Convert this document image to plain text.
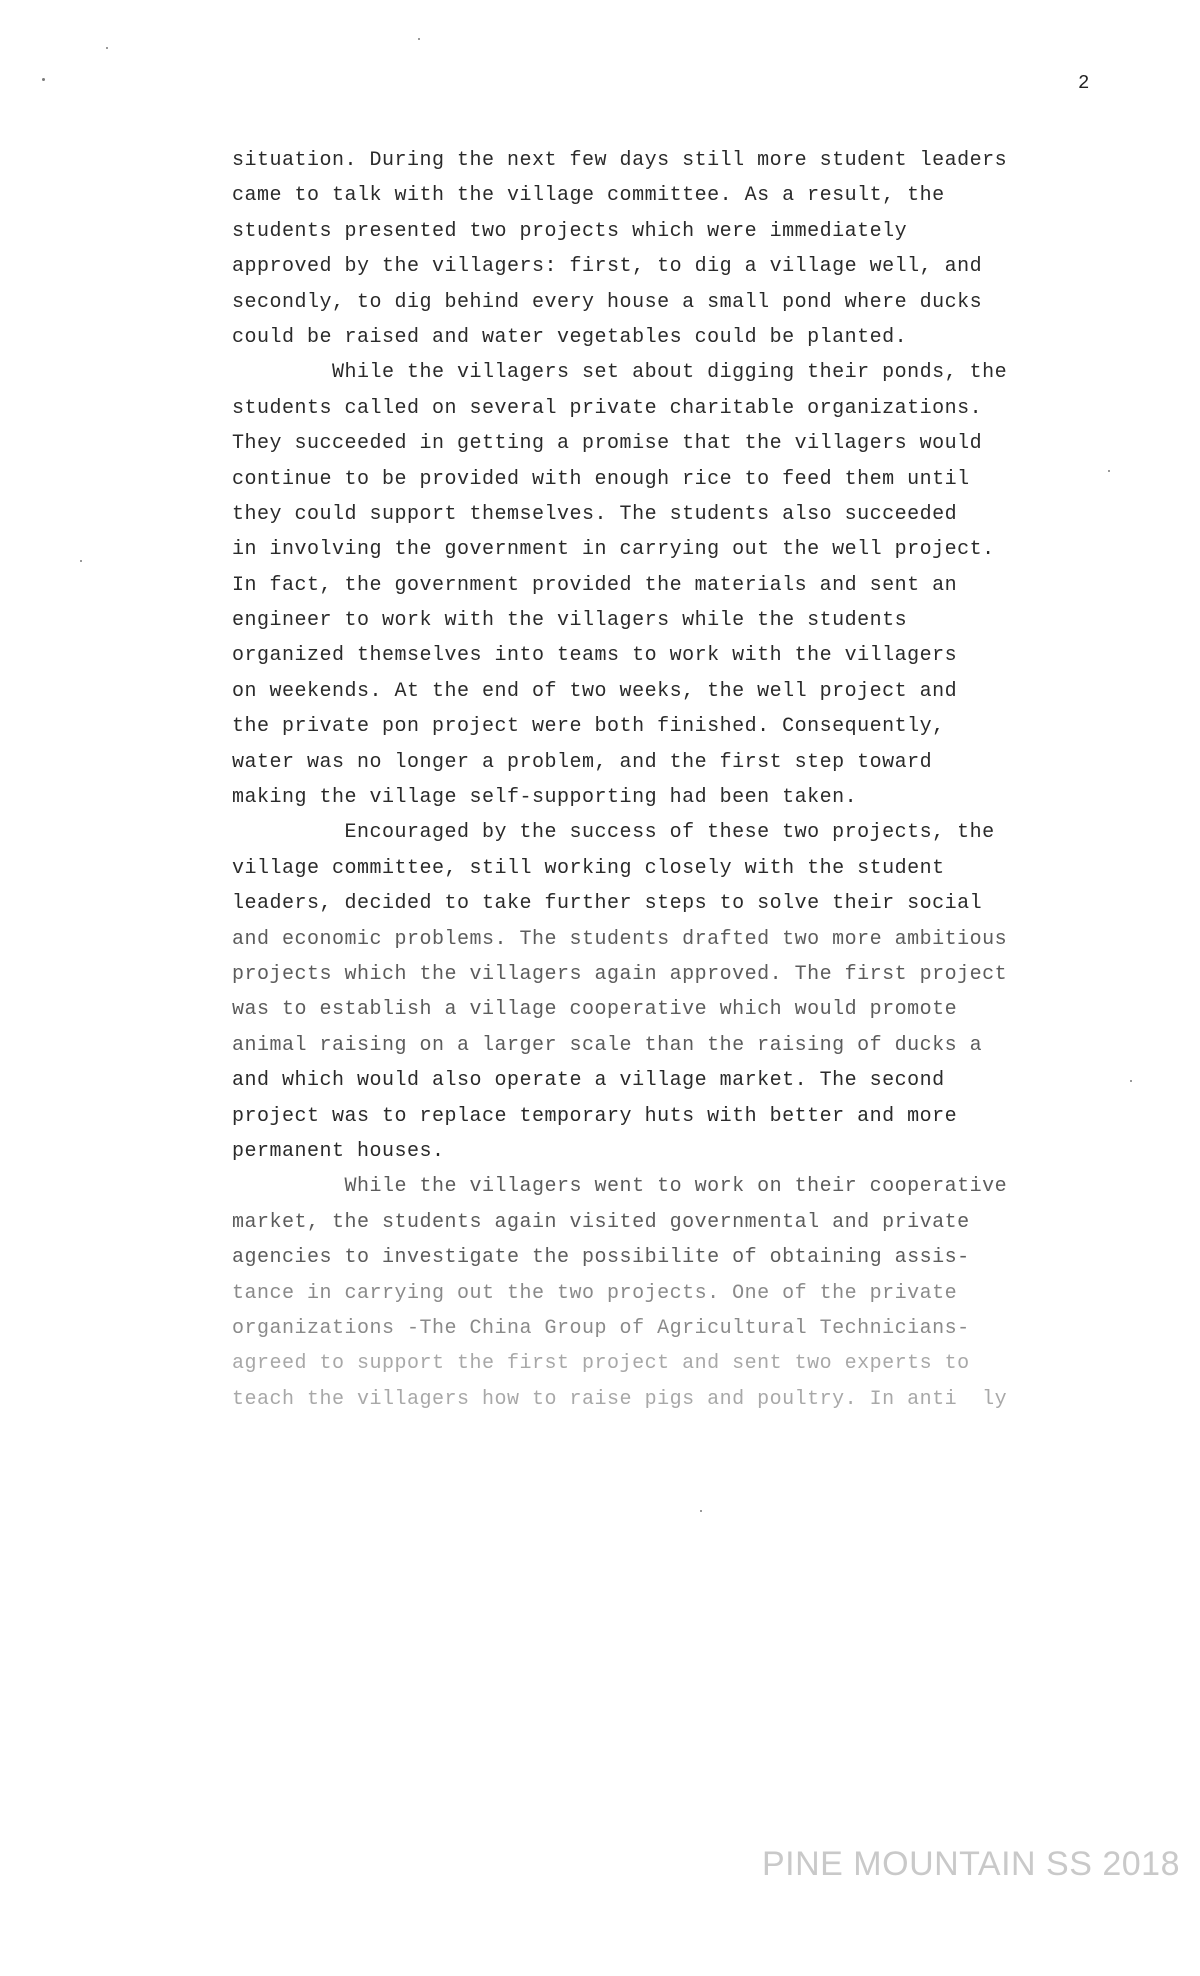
2
situation. During the next few days still more student leaders
came to talk with the village committee. As a result, the
students presented two projects which were immediately
approved by the villagers: first, to dig a village well, and
secondly, to dig behind every house a small pond where ducks
could be raised and water vegetables could be planted.
While the villagers set about digging their ponds, the
students called on several private charitable organizations.
They succeeded in getting a promise that the villagers would
continue to be provided with enough rice to feed them until
they could support themselves. The students also succeeded
in involving the government in carrying out the well project.
In fact, the government provided the materials and sent an
engineer to work with the villagers while the students
organized themselves into teams to work with the villagers
on weekends. At the end of two weeks, the well project and
the private pon project were both finished. Consequently,
water was no longer a problem, and the first step toward
making the village self-supporting had been taken.
Encouraged by the success of these two projects, the
village committee, still working closely with the student
leaders, decided to take further steps to solve their social
and economic problems. The students drafted two more ambitious
projects which the villagers again approved. The first project
was to establish a village cooperative which would promote
animal raising on a larger scale than the raising of ducks a
and which would also operate a village market. The second
project was to replace temporary huts with better and more
permanent houses.
While the villagers went to work on their cooperative
market, the students again visited governmental and private
agencies to investigate the possibilite of obtaining assis-
tance in carrying out the two projects. One of the private
organizations -The China Group of Agricultural Technicians-
agreed to support the first project and sent two experts to
teach the villagers how to raise pigs and poultry. In anti  ly
PINE MOUNTAIN SS 2018
